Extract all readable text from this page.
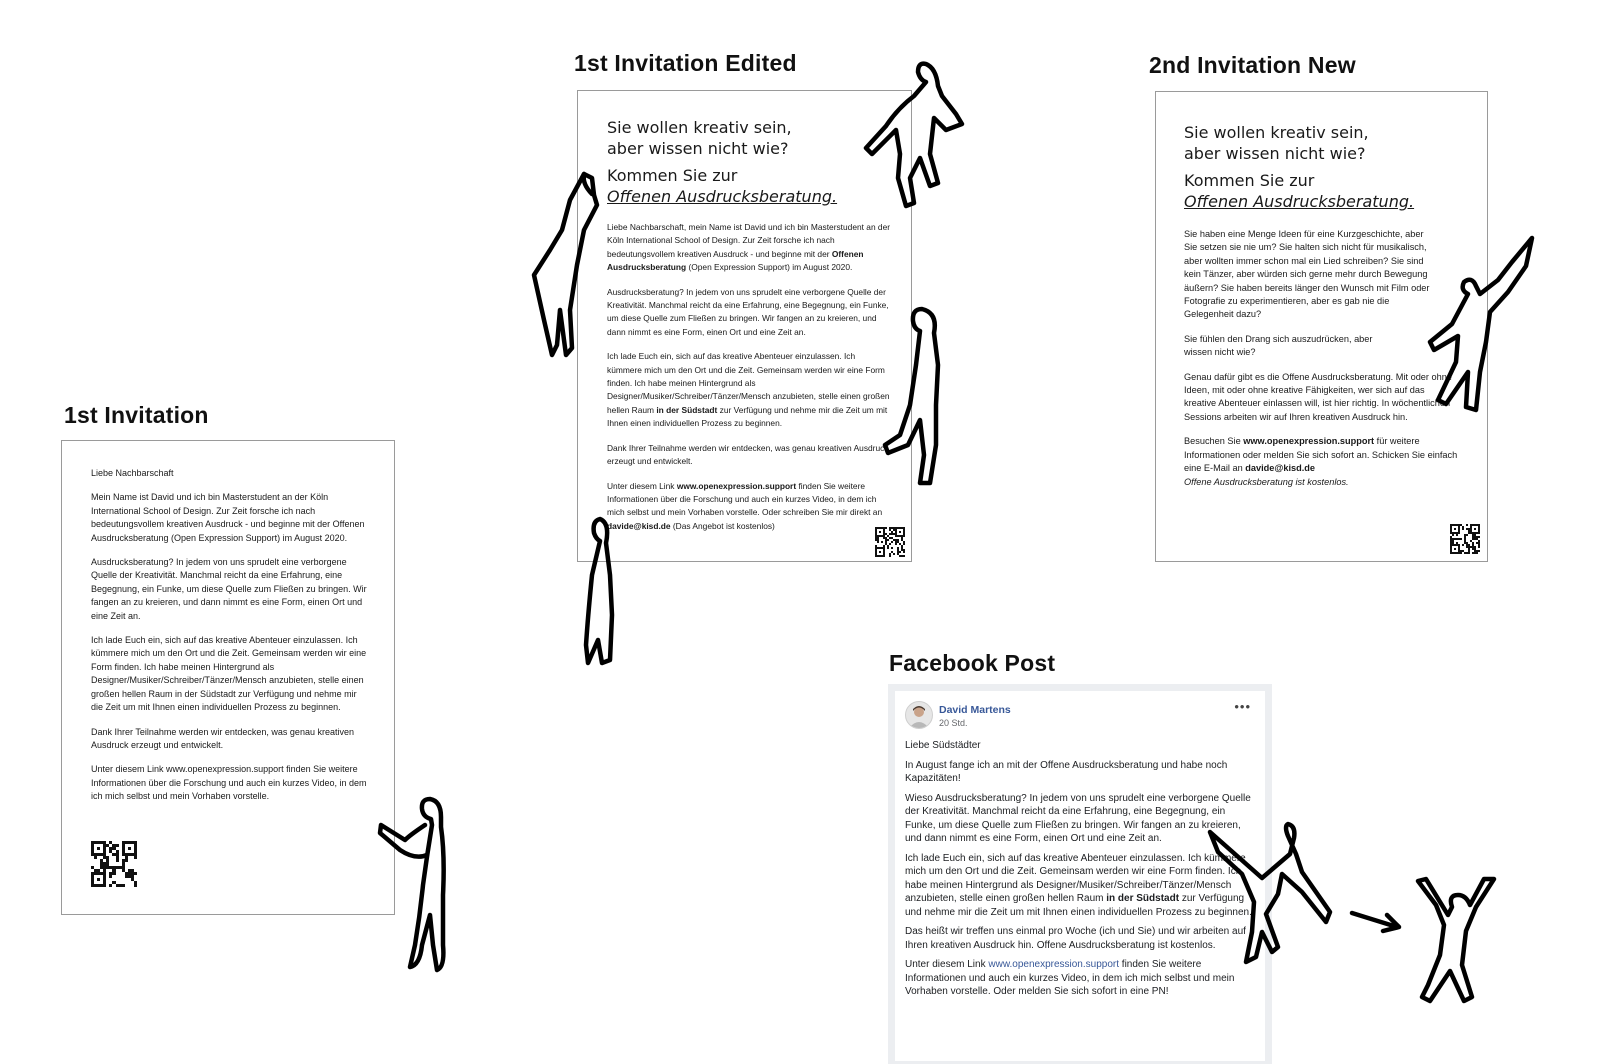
1st Invitation
1st Invitation Edited	2nd Invitation New
Facebook Post

Liebe Nachbarschaft

Mein Name ist David und ich bin Masterstudent an der Köln International School of Design. Zur Zeit forsche ich nach bedeutungsvollem kreativen Ausdruck - und beginne mit der Offenen Ausdrucksberatung (Open Expression Support) im August 2020.

Ausdrucksberatung? In jedem von uns sprudelt eine verborgene Quelle der Kreativität. Manchmal reicht da eine Erfahrung, eine Begegnung, ein Funke, um diese Quelle zum Fließen zu bringen. Wir fangen an zu kreieren, und dann nimmt es eine Form, einen Ort und eine Zeit an.

Ich lade Euch ein, sich auf das kreative Abenteuer einzulassen. Ich kümmere mich um den Ort und die Zeit. Gemeinsam werden wir eine Form finden. Ich habe meinen Hintergrund als Designer/Musiker/Schreiber/Tänzer/Mensch anzubieten, stelle einen großen hellen Raum in der Südstadt zur Verfügung und nehme mir die Zeit um mit Ihnen einen individuellen Prozess zu beginnen.

Dank Ihrer Teilnahme werden wir entdecken, was genau kreativen Ausdruck erzeugt und entwickelt.

Unter diesem Link www.openexpression.support finden Sie weitere Informationen über die Forschung und auch ein kurzes Video, in dem ich mich selbst und mein Vorhaben vorstelle.

Sie wollen kreativ sein,

aber wissen nicht wie?

Kommen Sie zur

Offenen Ausdrucksberatung.

Liebe Nachbarschaft, mein Name ist David und ich bin Masterstudent an der Köln International School of Design. Zur Zeit forsche ich nach bedeutungsvollem kreativen Ausdruck - und beginne mit der Offenen Ausdrucksberatung (Open Expression Support) im August 2020.

Ausdrucksberatung? In jedem von uns sprudelt eine verborgene Quelle der Kreativität. Manchmal reicht da eine Erfahrung, eine Begegnung, ein Funke, um diese Quelle zum Fließen zu bringen. Wir fangen an zu kreieren, und dann nimmt es eine Form, einen Ort und eine Zeit an.

Ich lade Euch ein, sich auf das kreative Abenteuer einzulassen. Ich kümmere mich um den Ort und die Zeit. Gemeinsam werden wir eine Form finden. Ich habe meinen Hintergrund als Designer/Musiker/Schreiber/Tänzer/Mensch anzubieten, stelle einen großen hellen Raum in der Südstadt zur Verfügung und nehme mir die Zeit um mit Ihnen einen individuellen Prozess zu beginnen.

Dank Ihrer Teilnahme werden wir entdecken, was genau kreativen Ausdruck erzeugt und entwickelt.

Unter diesem Link www.openexpression.support finden Sie weitere Informationen über die Forschung und auch ein kurzes Video, in dem ich mich selbst und mein Vorhaben vorstelle. Oder schreiben Sie mir direkt an davide@kisd.de (Das Angebot ist kostenlos)

Sie wollen kreativ sein,

aber wissen nicht wie?

Kommen Sie zur

Offenen Ausdrucksberatung.

Sie haben eine Menge Ideen für eine Kurzgeschichte, aber Sie setzen sie nie um? Sie halten sich nicht für musikalisch, aber wollten immer schon mal ein Lied schreiben? Sie sind kein Tänzer, aber würden sich gerne mehr durch Bewegung äußern? Sie haben bereits länger den Wunsch mit Film oder Fotografie zu experimentieren, aber es gab nie die Gelegenheit dazu?

Sie fühlen den Drang sich auszudrücken, aber wissen nicht wie?

Genau dafür gibt es die Offene Ausdrucksberatung. Mit oder ohne Ideen, mit oder ohne kreative Fähigkeiten, wer sich auf das kreative Abenteuer einlassen will, ist hier richtig. In wöchentlichen Sessions arbeiten wir auf Ihren kreativen Ausdruck hin.

Besuchen Sie www.openexpression.support für weitere Informationen oder melden Sie sich sofort an. Schicken Sie einfach eine E-Mail an davide@kisd.de

Offene Ausdrucksberatung ist kostenlos.

David Martens
20 Std.
•••

Liebe Südstädter

In August fange ich an mit der Offene Ausdrucksberatung und habe noch Kapazitäten!

Wieso Ausdrucksberatung? In jedem von uns sprudelt eine verborgene Quelle der Kreativität. Manchmal reicht da eine Erfahrung, eine Begegnung, ein Funke, um diese Quelle zum Fließen zu bringen. Wir fangen an zu kreieren, und dann nimmt es eine Form, einen Ort und eine Zeit an.

Ich lade Euch ein, sich auf das kreative Abenteuer einzulassen. Ich kümmere mich um den Ort und die Zeit. Gemeinsam werden wir eine Form finden. Ich habe meinen Hintergrund als Designer/Musiker/Schreiber/Tänzer/Mensch anzubieten, stelle einen großen hellen Raum in der Südstadt zur Verfügung und nehme mir die Zeit um mit Ihnen einen individuellen Prozess zu beginnen.

Das heißt wir treffen uns einmal pro Woche (ich und Sie) und wir arbeiten auf Ihren kreativen Ausdruck hin. Offene Ausdrucksberatung ist kostenlos.

Unter diesem Link www.openexpression.support finden Sie weitere Informationen und auch ein kurzes Video, in dem ich mich selbst und mein Vorhaben vorstelle. Oder melden Sie sich sofort in eine PN!
